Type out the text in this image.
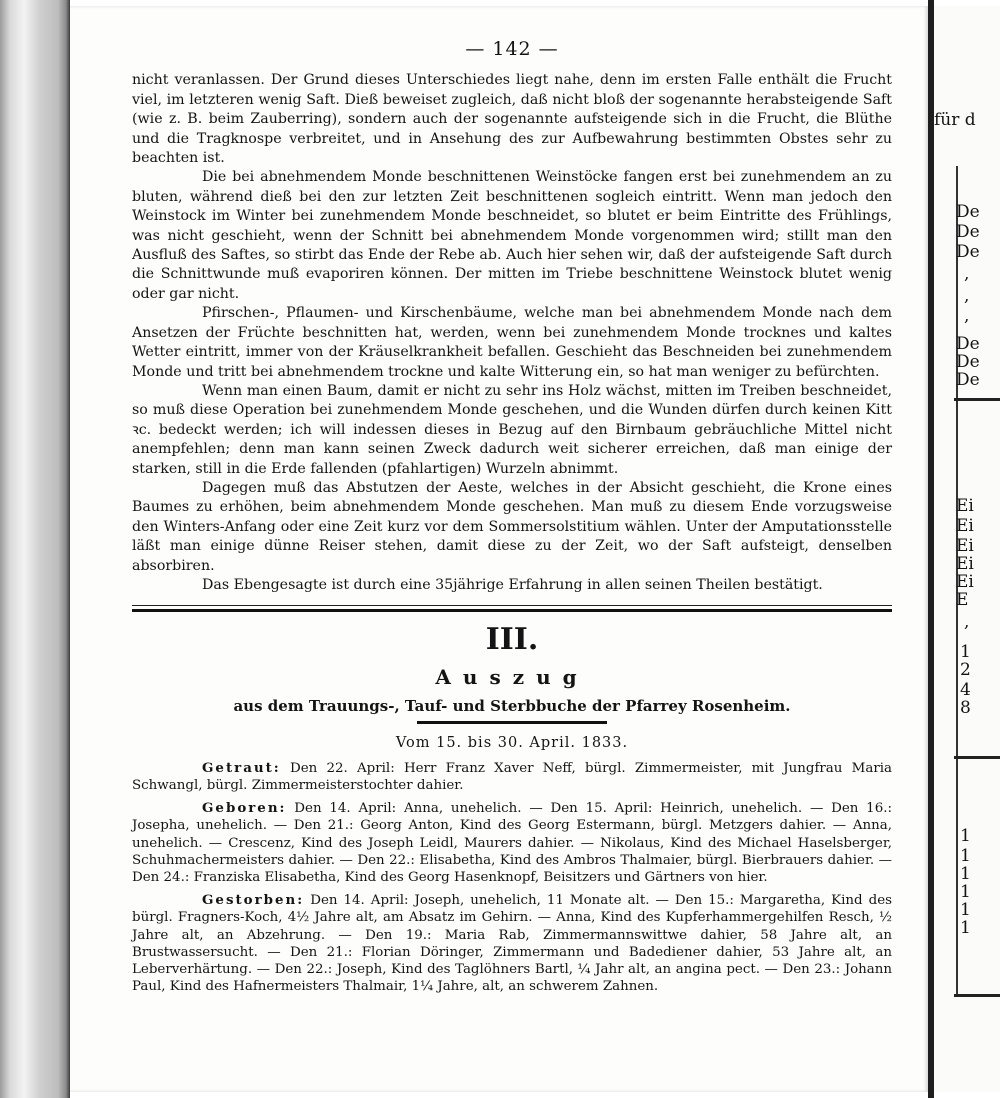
— 142 —

nicht veranlassen. Der Grund dieses Unterschiedes liegt nahe, denn im ersten Falle enthält die Frucht viel, im letzteren wenig Saft. Dieß beweiset zugleich, daß nicht bloß der sogenannte herabsteigende Saft (wie z. B. beim Zauberring), sondern auch der sogenannte aufsteigende sich in die Frucht, die Blüthe und die Tragknospe verbreitet, und in Ansehung des zur Aufbewahrung bestimmten Obstes sehr zu beachten ist.

Die bei abnehmendem Monde beschnittenen Weinstöcke fangen erst bei zunehmendem an zu bluten, während dieß bei den zur letzten Zeit beschnittenen sogleich eintritt. Wenn man jedoch den Weinstock im Winter bei zunehmendem Monde beschneidet, so blutet er beim Eintritte des Frühlings, was nicht geschieht, wenn der Schnitt bei abnehmendem Monde vorgenommen wird; stillt man den Ausfluß des Saftes, so stirbt das Ende der Rebe ab. Auch hier sehen wir, daß der aufsteigende Saft durch die Schnittwunde muß evaporiren können. Der mitten im Triebe beschnittene Weinstock blutet wenig oder gar nicht.

Pfirschen-, Pflaumen- und Kirschenbäume, welche man bei abnehmendem Monde nach dem Ansetzen der Früchte beschnitten hat, werden, wenn bei zunehmendem Monde trocknes und kaltes Wetter eintritt, immer von der Kräuselkrankheit befallen. Geschieht das Beschneiden bei zunehmendem Monde und tritt bei abnehmendem trockne und kalte Witterung ein, so hat man weniger zu befürchten.

Wenn man einen Baum, damit er nicht zu sehr ins Holz wächst, mitten im Treiben beschneidet, so muß diese Operation bei zunehmendem Monde geschehen, und die Wunden dürfen durch keinen Kitt ꝛc. bedeckt werden; ich will indessen dieses in Bezug auf den Birnbaum gebräuchliche Mittel nicht anempfehlen; denn man kann seinen Zweck dadurch weit sicherer erreichen, daß man einige der starken, still in die Erde fallenden (pfahlartigen) Wurzeln abnimmt.

Dagegen muß das Abstutzen der Aeste, welches in der Absicht geschieht, die Krone eines Baumes zu erhöhen, beim abnehmendem Monde geschehen. Man muß zu diesem Ende vorzugsweise den Winters-Anfang oder eine Zeit kurz vor dem Sommersolstitium wählen. Unter der Amputationsstelle läßt man einige dünne Reiser stehen, damit diese zu der Zeit, wo der Saft aufsteigt, denselben absorbiren.

Das Ebengesagte ist durch eine 35jährige Erfahrung in allen seinen Theilen bestätigt.

III.
Auszug
aus dem Trauungs-, Tauf- und Sterbbuche der Pfarrey Rosenheim.
Vom 15. bis 30. April. 1833.

Getraut: Den 22. April: Herr Franz Xaver Neff, bürgl. Zimmermeister, mit Jungfrau Maria Schwangl, bürgl. Zimmermeisterstochter dahier.

Geboren: Den 14. April: Anna, unehelich. — Den 15. April: Heinrich, unehelich. — Den 16.: Josepha, unehelich. — Den 21.: Georg Anton, Kind des Georg Estermann, bürgl. Metzgers dahier. — Anna, unehelich. — Crescenz, Kind des Joseph Leidl, Maurers dahier. — Nikolaus, Kind des Michael Haselsberger, Schuhmachermeisters dahier. — Den 22.: Elisabetha, Kind des Ambros Thalmaier, bürgl. Bierbrauers dahier. — Den 24.: Franziska Elisabetha, Kind des Georg Hasenknopf, Beisitzers und Gärtners von hier.

Gestorben: Den 14. April: Joseph, unehelich, 11 Monate alt. — Den 15.: Margaretha, Kind des bürgl. Fragners-Koch, 4½ Jahre alt, am Absatz im Gehirn. — Anna, Kind des Kupferhammergehilfen Resch, ½ Jahre alt, an Abzehrung. — Den 19.: Maria Rab, Zimmermannswittwe dahier, 58 Jahre alt, an Brustwassersucht. — Den 21.: Florian Döringer, Zimmermann und Badediener dahier, 53 Jahre alt, an Leberverhärtung. — Den 22.: Joseph, Kind des Taglöhners Bartl, ¼ Jahr alt, an angina pect. — Den 23.: Johann Paul, Kind des Hafnermeisters Thalmair, 1¼ Jahre, alt, an schwerem Zahnen.

für d
De
De
De
,
,
,
De
De
De
Ei
Ei
Ei
Ei
Ei
E
,
1
2
4
8
1
1
1
1
1
1
